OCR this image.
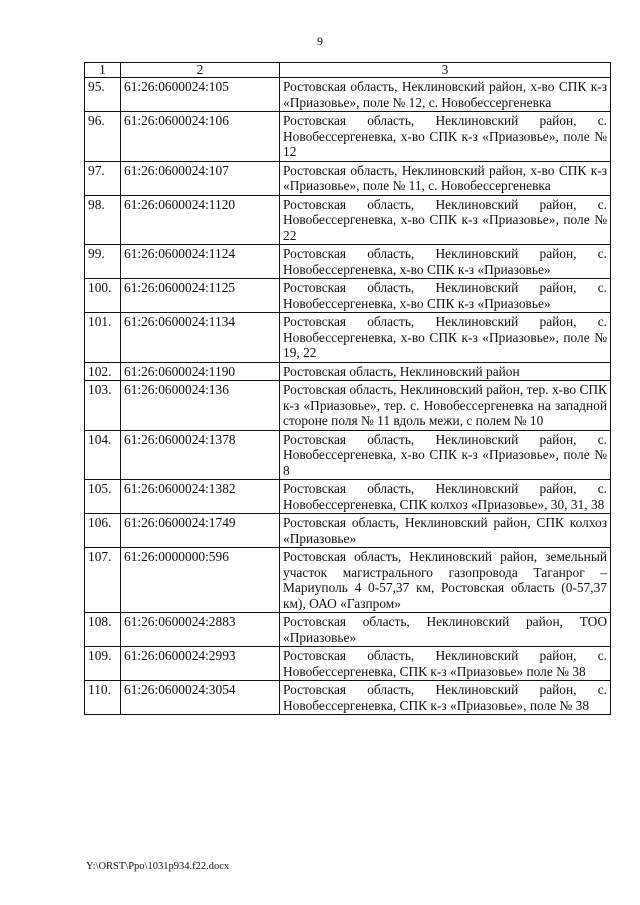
9
1	2	3
95.	61:26:0600024:105	Ростовская область, Неклиновский район, х-во СПК к-з «Приазовье», поле № 12, с. Новобессергеневка
96.	61:26:0600024:106	Ростовская область, Неклиновский район, с. Новобессергеневка, х-во СПК к-з «Приазовье», поле № 12
97.	61:26:0600024:107	Ростовская область, Неклиновский район, х-во СПК к-з «Приазовье», поле № 11, с. Новобессергеневка
98.	61:26:0600024:1120	Ростовская область, Неклиновский район, с. Новобессергеневка, х-во СПК к-з «Приазовье», поле № 22
99.	61:26:0600024:1124	Ростовская область, Неклиновский район, с. Новобессергеневка, х-во СПК к-з «Приазовье»
100.	61:26:0600024:1125	Ростовская область, Неклиновский район, с. Новобессергеневка, х-во СПК к-з «Приазовье»
101.	61:26:0600024:1134	Ростовская область, Неклиновский район, с. Новобессергеневка, х-во СПК к-з «Приазовье», поле № 19, 22
102.	61:26:0600024:1190	Ростовская область, Неклиновский район
103.	61:26:0600024:136	Ростовская область, Неклиновский район, тер. х-во СПК к-з «Приазовье», тер. с. Новобессергеневка на западной стороне поля № 11 вдоль межи, с полем № 10
104.	61:26:0600024:1378	Ростовская область, Неклиновский район, с. Новобессергеневка, х-во СПК к-з «Приазовье», поле № 8
105.	61:26:0600024:1382	Ростовская область, Неклиновский район, с. Новобессергеневка, СПК колхоз «Приазовье», 30, 31, 38
106.	61:26:0600024:1749	Ростовская область, Неклиновский район, СПК колхоз «Приазовье»
107.	61:26:0000000:596	Ростовская область, Неклиновский район, земельный участок магистрального газопровода Таганрог – Мариуполь 4 0-57,37 км, Ростовская область (0-57,37 км), ОАО «Газпром»
108.	61:26:0600024:2883	Ростовская область, Неклиновский район, ТОО «Приазовье»
109.	61:26:0600024:2993	Ростовская область, Неклиновский район, с. Новобессергеневка, СПК к-з «Приазовье» поле № 38
110.	61:26:0600024:3054	Ростовская область, Неклиновский район, с. Новобессергеневка, СПК к-з «Приазовье», поле № 38
Y:\ORST\Ppo\1031p934.f22.docx
